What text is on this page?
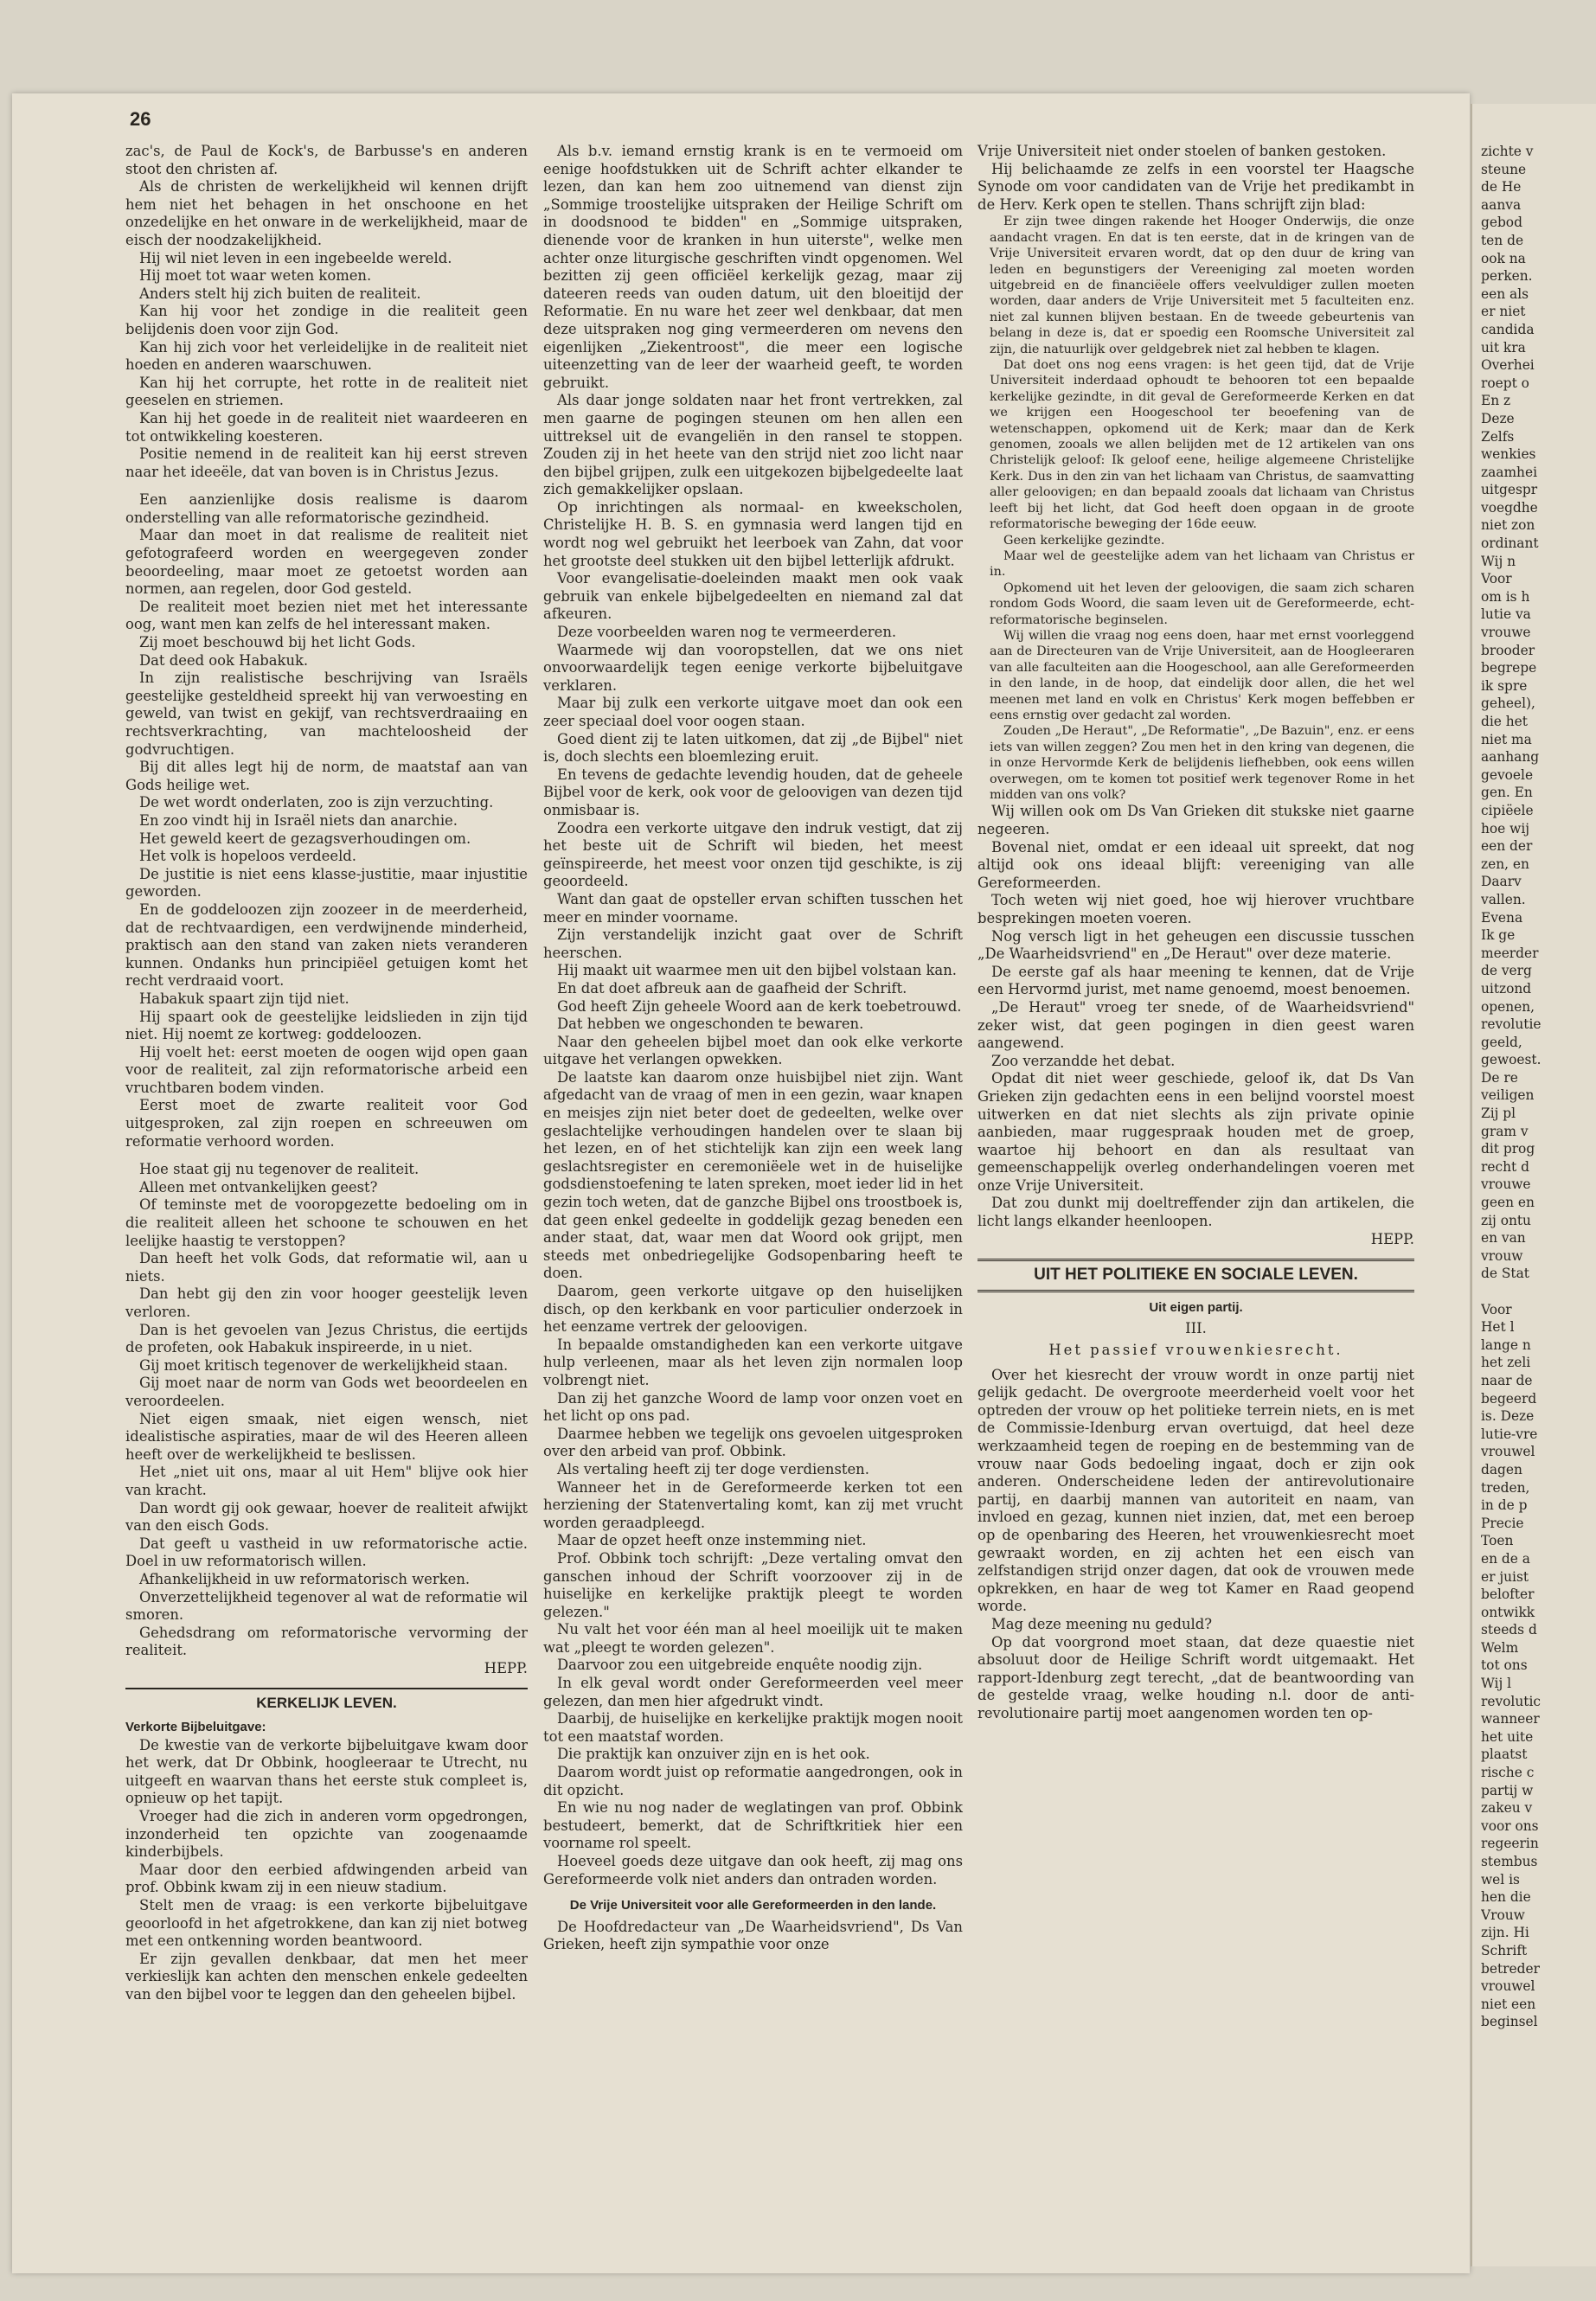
26

zac's, de Paul de Kock's, de Barbusse's en anderen stoot den christen af.

Als de christen de werkelijkheid wil kennen drijft hem niet het behagen in het onschoone en het onzedelijke en het onware in de werkelijkheid, maar de eisch der noodzakelijkheid.

Hij wil niet leven in een ingebeelde wereld.

Hij moet tot waar weten komen.

Anders stelt hij zich buiten de realiteit.

Kan hij voor het zondige in die realiteit geen belijdenis doen voor zijn God.

Kan hij zich voor het verleidelijke in de realiteit niet hoeden en anderen waarschuwen.

Kan hij het corrupte, het rotte in de realiteit niet geeselen en striemen.

Kan hij het goede in de realiteit niet waardeeren en tot ontwikkeling koesteren.

Positie nemend in de realiteit kan hij eerst streven naar het ideeële, dat van boven is in Christus Jezus.

Een aanzienlijke dosis realisme is daarom onderstelling van alle reformatorische gezindheid.

Maar dan moet in dat realisme de realiteit niet gefotografeerd worden en weergegeven zonder beoordeeling, maar moet ze getoetst worden aan normen, aan regelen, door God gesteld.

De realiteit moet bezien niet met het interessante oog, want men kan zelfs de hel interessant maken.

Zij moet beschouwd bij het licht Gods.

Dat deed ook Habakuk.

In zijn realistische beschrijving van Israëls geestelijke gesteldheid spreekt hij van verwoesting en geweld, van twist en gekijf, van rechtsverdraaiing en rechtsverkrachting, van machteloosheid der godvruchtigen.

Bij dit alles legt hij de norm, de maatstaf aan van Gods heilige wet.

De wet wordt onderlaten, zoo is zijn verzuchting.

En zoo vindt hij in Israël niets dan anarchie.

Het geweld keert de gezagsverhoudingen om.

Het volk is hopeloos verdeeld.

De justitie is niet eens klasse-justitie, maar injustitie geworden.

En de goddeloozen zijn zoozeer in de meerderheid, dat de rechtvaardigen, een verdwijnende minderheid, praktisch aan den stand van zaken niets veranderen kunnen. Ondanks hun principiëel getuigen komt het recht verdraaid voort.

Habakuk spaart zijn tijd niet.

Hij spaart ook de geestelijke leidslieden in zijn tijd niet. Hij noemt ze kortweg: goddeloozen.

Hij voelt het: eerst moeten de oogen wijd open gaan voor de realiteit, zal zijn reformatorische arbeid een vruchtbaren bodem vinden.

Eerst moet de zwarte realiteit voor God uitgesproken, zal zijn roepen en schreeuwen om reformatie verhoord worden.

Hoe staat gij nu tegenover de realiteit.

Alleen met ontvankelijken geest?

Of teminste met de vooropgezette bedoeling om in die realiteit alleen het schoone te schouwen en het leelijke haastig te verstoppen?

Dan heeft het volk Gods, dat reformatie wil, aan u niets.

Dan hebt gij den zin voor hooger geestelijk leven verloren.

Dan is het gevoelen van Jezus Christus, die eertijds de profeten, ook Habakuk inspireerde, in u niet.

Gij moet kritisch tegenover de werkelijkheid staan.

Gij moet naar de norm van Gods wet beoordeelen en veroordeelen.

Niet eigen smaak, niet eigen wensch, niet idealistische aspiraties, maar de wil des Heeren alleen heeft over de werkelijkheid te beslissen.

Het „niet uit ons, maar al uit Hem" blijve ook hier van kracht.

Dan wordt gij ook gewaar, hoever de realiteit afwijkt van den eisch Gods.

Dat geeft u vastheid in uw reformatorische actie. Doel in uw reformatorisch willen.

Afhankelijkheid in uw reformatorisch werken.

Onverzettelijkheid tegenover al wat de reformatie wil smoren.

Gehedsdrang om reformatorische vervorming der realiteit.

HEPP.

KERKELIJK LEVEN.

Verkorte Bijbeluitgave:

De kwestie van de verkorte bijbeluitgave kwam door het werk, dat Dr Obbink, hoogleeraar te Utrecht, nu uitgeeft en waarvan thans het eerste stuk compleet is, opnieuw op het tapijt.

Vroeger had die zich in anderen vorm opgedrongen, inzonderheid ten opzichte van zoogenaamde kinderbijbels.

Maar door den eerbied afdwingenden arbeid van prof. Obbink kwam zij in een nieuw stadium.

Stelt men de vraag: is een verkorte bijbeluitgave geoorloofd in het afgetrokkene, dan kan zij niet botweg met een ontkenning worden beantwoord.

Er zijn gevallen denkbaar, dat men het meer verkieslijk kan achten den menschen enkele gedeelten van den bijbel voor te leggen dan den geheelen bijbel.

Als b.v. iemand ernstig krank is en te vermoeid om eenige hoofdstukken uit de Schrift achter elkander te lezen, dan kan hem zoo uitnemend van dienst zijn „Sommige troostelijke uitspraken der Heilige Schrift om in doodsnood te bidden" en „Sommige uitspraken, dienende voor de kranken in hun uiterste", welke men achter onze liturgische geschriften vindt opgenomen. Wel bezitten zij geen officiëel kerkelijk gezag, maar zij dateeren reeds van ouden datum, uit den bloeitijd der Reformatie. En nu ware het zeer wel denkbaar, dat men deze uitspraken nog ging vermeerderen om nevens den eigenlijken „Ziekentroost", die meer een logische uiteenzetting van de leer der waarheid geeft, te worden gebruikt.

Als daar jonge soldaten naar het front vertrekken, zal men gaarne de pogingen steunen om hen allen een uittreksel uit de evangeliën in den ransel te stoppen. Zouden zij in het heete van den strijd niet zoo licht naar den bijbel grijpen, zulk een uitgekozen bijbelgedeelte laat zich gemakkelijker opslaan.

Op inrichtingen als normaal- en kweekscholen, Christelijke H. B. S. en gymnasia werd langen tijd en wordt nog wel gebruikt het leerboek van Zahn, dat voor het grootste deel stukken uit den bijbel letterlijk afdrukt.

Voor evangelisatie-doeleinden maakt men ook vaak gebruik van enkele bijbelgedeelten en niemand zal dat afkeuren.

Deze voorbeelden waren nog te vermeerderen.

Waarmede wij dan vooropstellen, dat we ons niet onvoorwaardelijk tegen eenige verkorte bijbeluitgave verklaren.

Maar bij zulk een verkorte uitgave moet dan ook een zeer speciaal doel voor oogen staan.

Goed dient zij te laten uitkomen, dat zij „de Bijbel" niet is, doch slechts een bloemlezing eruit.

En tevens de gedachte levendig houden, dat de geheele Bijbel voor de kerk, ook voor de geloovigen van dezen tijd onmisbaar is.

Zoodra een verkorte uitgave den indruk vestigt, dat zij het beste uit de Schrift wil bieden, het meest geïnspireerde, het meest voor onzen tijd geschikte, is zij geoordeeld.

Want dan gaat de opsteller ervan schiften tusschen het meer en minder voorname.

Zijn verstandelijk inzicht gaat over de Schrift heerschen.

Hij maakt uit waarmee men uit den bijbel volstaan kan.

En dat doet afbreuk aan de gaafheid der Schrift.

God heeft Zijn geheele Woord aan de kerk toebetrouwd.

Dat hebben we ongeschonden te bewaren.

Naar den geheelen bijbel moet dan ook elke verkorte uitgave het verlangen opwekken.

De laatste kan daarom onze huisbijbel niet zijn. Want afgedacht van de vraag of men in een gezin, waar knapen en meisjes zijn niet beter doet de gedeelten, welke over geslachtelijke verhoudingen handelen over te slaan bij het lezen, en of het stichtelijk kan zijn een week lang geslachtsregister en ceremoniëele wet in de huiselijke godsdienstoefening te laten spreken, moet ieder lid in het gezin toch weten, dat de ganzche Bijbel ons troostboek is, dat geen enkel gedeelte in goddelijk gezag beneden een ander staat, dat, waar men dat Woord ook grijpt, men steeds met onbedriegelijke Godsopenbaring heeft te doen.

Daarom, geen verkorte uitgave op den huiselijken disch, op den kerkbank en voor particulier onderzoek in het eenzame vertrek der geloovigen.

In bepaalde omstandigheden kan een verkorte uitgave hulp verleenen, maar als het leven zijn normalen loop volbrengt niet.

Dan zij het ganzche Woord de lamp voor onzen voet en het licht op ons pad.

Daarmee hebben we tegelijk ons gevoelen uitgesproken over den arbeid van prof. Obbink.

Als vertaling heeft zij ter doge verdiensten.

Wanneer het in de Gereformeerde kerken tot een herziening der Statenvertaling komt, kan zij met vrucht worden geraadpleegd.

Maar de opzet heeft onze instemming niet.

Prof. Obbink toch schrijft: „Deze vertaling omvat den ganschen inhoud der Schrift voorzoover zij in de huiselijke en kerkelijke praktijk pleegt te worden gelezen."

Nu valt het voor één man al heel moeilijk uit te maken wat „pleegt te worden gelezen".

Daarvoor zou een uitgebreide enquête noodig zijn.

In elk geval wordt onder Gereformeerden veel meer gelezen, dan men hier afgedrukt vindt.

Daarbij, de huiselijke en kerkelijke praktijk mogen nooit tot een maatstaf worden.

Die praktijk kan onzuiver zijn en is het ook.

Daarom wordt juist op reformatie aangedrongen, ook in dit opzicht.

En wie nu nog nader de weglatingen van prof. Obbink bestudeert, bemerkt, dat de Schriftkritiek hier een voorname rol speelt.

Hoeveel goeds deze uitgave dan ook heeft, zij mag ons Gereformeerde volk niet anders dan ontraden worden.

De Vrije Universiteit voor alle Gereformeerden in den lande.

De Hoofdredacteur van „De Waarheidsvriend", Ds Van Grieken, heeft zijn sympathie voor onze

Vrije Universiteit niet onder stoelen of banken gestoken.

Hij belichaamde ze zelfs in een voorstel ter Haagsche Synode om voor candidaten van de Vrije het predikambt in de Herv. Kerk open te stellen. Thans schrijft zijn blad:

Er zijn twee dingen rakende het Hooger Onderwijs, die onze aandacht vragen. En dat is ten eerste, dat in de kringen van de Vrije Universiteit ervaren wordt, dat op den duur de kring van leden en begunstigers der Vereeniging zal moeten worden uitgebreid en de financiëele offers veelvuldiger zullen moeten worden, daar anders de Vrije Universiteit met 5 faculteiten enz. niet zal kunnen blijven bestaan. En de tweede gebeurtenis van belang in deze is, dat er spoedig een Roomsche Universiteit zal zijn, die natuurlijk over geldgebrek niet zal hebben te klagen.

Dat doet ons nog eens vragen: is het geen tijd, dat de Vrije Universiteit inderdaad ophoudt te behooren tot een bepaalde kerkelijke gezindte, in dit geval de Gereformeerde Kerken en dat we krijgen een Hoogeschool ter beoefening van de wetenschappen, opkomend uit de Kerk; maar dan de Kerk genomen, zooals we allen belijden met de 12 artikelen van ons Christelijk geloof: Ik geloof eene, heilige algemeene Christelijke Kerk. Dus in den zin van het lichaam van Christus, de saamvatting aller geloovigen; en dan bepaald zooals dat lichaam van Christus leeft bij het licht, dat God heeft doen opgaan in de groote reformatorische beweging der 16de eeuw.

Geen kerkelijke gezindte.

Maar wel de geestelijke adem van het lichaam van Christus er in.

Opkomend uit het leven der geloovigen, die saam zich scharen rondom Gods Woord, die saam leven uit de Gereformeerde, echt-reformatorische beginselen.

Wij willen die vraag nog eens doen, haar met ernst voorleggend aan de Directeuren van de Vrije Universiteit, aan de Hoogleeraren van alle faculteiten aan die Hoogeschool, aan alle Gereformeerden in den lande, in de hoop, dat eindelijk door allen, die het wel meenen met land en volk en Christus' Kerk mogen beffebben er eens ernstig over gedacht zal worden.

Zouden „De Heraut", „De Reformatie", „De Bazuin", enz. er eens iets van willen zeggen? Zou men het in den kring van degenen, die in onze Hervormde Kerk de belijdenis liefhebben, ook eens willen overwegen, om te komen tot positief werk tegenover Rome in het midden van ons volk?

Wij willen ook om Ds Van Grieken dit stukske niet gaarne negeeren.

Bovenal niet, omdat er een ideaal uit spreekt, dat nog altijd ook ons ideaal blijft: vereeniging van alle Gereformeerden.

Toch weten wij niet goed, hoe wij hierover vruchtbare besprekingen moeten voeren.

Nog versch ligt in het geheugen een discussie tusschen „De Waarheidsvriend" en „De Heraut" over deze materie.

De eerste gaf als haar meening te kennen, dat de Vrije een Hervormd jurist, met name genoemd, moest benoemen.

„De Heraut" vroeg ter snede, of de Waarheidsvriend" zeker wist, dat geen pogingen in dien geest waren aangewend.

Zoo verzandde het debat.

Opdat dit niet weer geschiede, geloof ik, dat Ds Van Grieken zijn gedachten eens in een belijnd voorstel moest uitwerken en dat niet slechts als zijn private opinie aanbieden, maar ruggespraak houden met de groep, waartoe hij behoort en dan als resultaat van gemeenschappelijk overleg onderhandelingen voeren met onze Vrije Universiteit.

Dat zou dunkt mij doeltreffender zijn dan artikelen, die licht langs elkander heenloopen.

HEPP.

UIT HET POLITIEKE EN SOCIALE LEVEN.
Uit eigen partij.
III.
Het passief vrouwenkiesrecht.

Over het kiesrecht der vrouw wordt in onze partij niet gelijk gedacht. De overgroote meerderheid voelt voor het optreden der vrouw op het politieke terrein niets, en is met de Commissie-Idenburg ervan overtuigd, dat heel deze werkzaamheid tegen de roeping en de bestemming van de vrouw naar Gods bedoeling ingaat, doch er zijn ook anderen. Onderscheidene leden der antirevolutionaire partij, en daarbij mannen van autoriteit en naam, van invloed en gezag, kunnen niet inzien, dat, met een beroep op de openbaring des Heeren, het vrouwenkiesrecht moet gewraakt worden, en zij achten het een eisch van zelfstandigen strijd onzer dagen, dat ook de vrouwen mede opkrekken, en haar de weg tot Kamer en Raad geopend worde.

Mag deze meening nu geduld?

Op dat voorgrond moet staan, dat deze quaestie niet absoluut door de Heilige Schrift wordt uitgemaakt. Het rapport-Idenburg zegt terecht, „dat de beantwoording van de gestelde vraag, welke houding n.l. door de anti-revolutionaire partij moet aangenomen worden ten op-

zichte v
steune
de He
aanva
gebod
ten de
ook na
perken.
een als
er niet
candida
uit kra
Overhei
roept o
En z
Deze
Zelfs
wenkies
zaamhei
uitgespr
voegdhe
niet zon
ordinant
Wij n
Voor
om is h
lutie va
vrouwe
brooder
begrepe
ik spre
geheel),
die het
niet ma
aanhang
gevoele
gen. En
cipiëele
hoe wij
een der
zen, en
Daarv
vallen.
Evena
Ik ge
meerder
de verg
uitzond
openen,
revolutie
geeld,
gewoest.
De re
veiligen
Zij pl
gram v
dit prog
recht d
vrouwe
geen en
zij ontu
en van
vrouw
de Stat
Voor
Het l
lange n
het zeli
naar de
begeerd
is. Deze
lutie-vre
vrouwel
dagen
treden,
in de p
Precie
Toen
en de a
er juist
belofter
ontwikk
steeds d
Welm
tot ons
Wij l
revolutic
wanneer
het uite
plaatst
rische c
partij w
zakeu v
voor ons
regeerin
stembus
wel is
hen die
Vrouw
zijn. Hi
Schrift
betreder
vrouwel
niet een
beginsel
